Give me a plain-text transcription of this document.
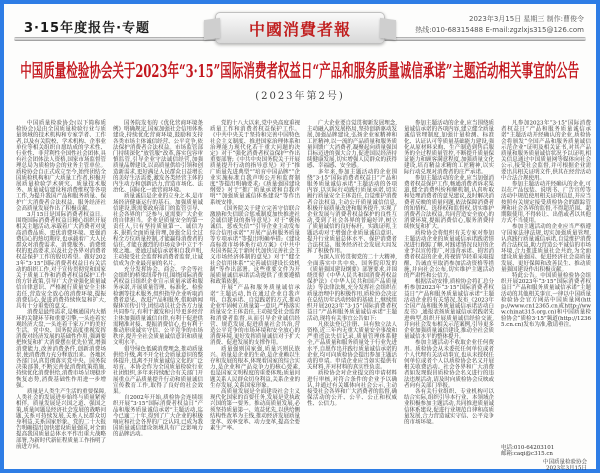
3·15年度报告·专题	中國消費者報
2023年3月15日 星期三 制作:曹俊令
热线:010-68315488 E-mail:zgzlxjs315@126.com
中国质量检验协会关于2023年“3·15”国际消费者权益日“产品和服务质量诚信承诺”主题活动相关事宜的公告
(2023年第2号)

中国质量检验协会(以下简称质检协会)是由全国质量检验行业与质量领域的技术机构和专家学者、工作者,以及有关院校、学术机构、企事业单位等相关组织自愿结成的学术性、行业性、非营利性全国性社会团体,具有社会团体法人资格,国家市场监督管理总局为质检协会的业务主管单位。质检协会自正式成立至今,始终团结全国质检机构和广大质量工作者,积极开展质量检验学术研究、质量技术服务、质量诚信建设和消费维权等各项工作,为提升我国产品和服务质量、保护广大消费者合法权益、服务经济社会高质量发展作出了积极贡献。

3月15日是国际消费者权益日。围绕国际消费者权益日精心组织开展相关主题活动,承载着广大消费者对更高消费品质、更优消费环境、更强消费信心的热切期待,也承载着广大人民群众对消费需求、消费服务、消费维权的更高要求,以及社会各界对消费者权益保护工作的殷切希望。做好2023年“3·15”国际消费者权益日有关活动的组织工作,对于宣传贯彻党和国家关于质量工作和消费者权益保护工作的方针政策,引导广大企业强化质量诚信自律意识、严格履行质量安全主体责任,营造安全放心的消费环境,提振消费信心,促进消费持续恢复和扩大,具有十分重要的意义。

消费是最终需求,是畅通国内大循环的关键环节和重要引擎,一头连着宏观经济大盘,一头连着千家万户的美好生活。党中央、国务院高度重视发挥消费对经济发展的基础性作用,强调要把恢复和扩大消费摆在优先位置,增强消费能力,改善消费条件,创新消费场景,使消费潜力充分释放出来。各地区各部门认真贯彻落实党中央、国务院决策部署,不断完善促消费政策措施,持续优化消费供给,消费市场呈现稳步恢复态势,消费基础性作用进一步增强。

质量是人类生产生活的重要保障,人类社会的发展进步始终与质量紧密相伴。质量发展是兴国之道、强国之策,质量问题是经济社会发展的战略问题,关系可持续发展,关系人民群众切身利益,关系国家形象。党的二十大报告明确提出加快建设质量强国,对全面提高我国质量总体水平作出重大战略部署,为新时代新征程质量工作指明了前进方向。

国务院发布的《优化营商环境条例》明确规定,国家加强社会信用体系建设,持续优化营商环境,鼓励和支持各类市场主体诚信经营、公平竞争,依法保护消费者合法权益。市场监管部门持续深化“放管服”改革,落实包容审慎监管,引导企业守法诚信经营,加强质量品牌建设,以高质量供给引领和创造新需求,更好满足人民群众日益增长的美好生活需要,激发各类经营主体的内生动力和创新活力,营造市场化、法治化、国际化一流营商环境。

质量诚信是企业的立身之本,是市场经济健康运行的基石。加强质量诚信建设,既需要政府部门的监管引导、社会各界的广泛参与,更需要广大企业的自律担当。企业是质量安全的第一责任人,只有坚持质量第一、诚信为本,狠抓全面质量管理,加强全员全过程全方位质量控制,才能赢得消费者的信任,才能在激烈的市场竞争中立于不败之地。要通过诚信承诺和自我声明,主动接受社会监督和消费者监督,让诚信成为企业最亮丽的名片。

充分发挥协会、商会、学会等社会组织的桥梁纽带作用,围绕国际消费者权益日组织企业宣示质量承诺和服务承诺,开展质量管理、标准化、检验检测等技术服务,组织指导企业听取消费者意见、改进产品和服务,借助新闻媒体宣传引导,团结动员社会各方力量共同参与,有利于激发和引导更多经营主体加强质量诚信自律,有利于促进供需精准对接、提振消费信心,也有利于推动形成诚实守信、公平竞争的市场秩序,提升全社会质量诚信意识和质量文明水平。

倡导绿色低碳消费理念,推动质量供给升级,离不开全社会质量意识的整体提升,也离不开质量诚信文化的广泛培育。本协会作为全国质量检验行业社团组织,多年来持续配合有关部门开展重点产品质量提升行动和质量诚信宣传教育工作,取得了良好的社会效果。

自2002年开始,质检协会连续组织开展“3·15”国际消费者权益日“产品和服务质量诚信承诺”主题活动,迄今已逾二十年,得到了广大企业的积极响应和社会各界的广泛认同,已成为我国质量诚信建设领域具有广泛影响力的品牌活动。

党的十八大以来,党中央高度重视质量工作和消费者权益保护工作。《中共中央关于坚持和完善中国特色社会主义制度、推进国家治理体系和治理能力现代化若干重大问题的决定》对于“强化消费者权益保护”作出重要部署;《中共中央国务院关于开展质量提升行动的指导意见》对于“推广质量先进典型”“培育中国品牌”“企业实施标准自我声明公开和监督制度”等提出明确要求;《质量强国建设纲要》对于“推广质量承诺和自我声明”“加强质量诚信体系建设”等作出系统安排。

《国务院关于建立完善守信联合激励和失信联合惩戒制度加快推进社会诚信建设的指导意见》对于“褒扬诚信、惩戒失信”“引导企业主动发布综合信用承诺”“开展产品和服务质量等专项承诺”等提出明确举措;《建设高标准市场体系行动方案》《中共中央国务院关于新时代加快完善社会主义市场经济体制的意见》对于“健全社会信用体系”“完善诚信建设长效机制”等作出部署。这些重要文件为开展质量诚信承诺活动提供了重要遵循和政策依据。

开展“产品和服务质量诚信承诺”主题活动,旨在通过企业自我声明、自我承诺、自觉践诺的方式,推动企业牢固树立质量第一意识,严格落实质量安全主体责任,主动接受社会监督和消费者监督,从而引导企业诚信经营、规范发展,促进质量社会共治,营造公平竞争的市场环境和安全放心的消费环境,更好发挥质量诚信对于扩大消费、促进发展的支撑作用。

质量强则国家强,质量兴则民族兴。质量是企业的生命,是企业赖以生存和发展的根本,体现着国家的综合实力,是企业和产品竞争力的核心要素,也是国家文明程度的重要体现;质量问题关系人民群众切身利益,关系企业的生存发展,关系国家形象。

高质量发展是全面建设社会主义现代化国家的首要任务,发展是党执政兴国的第一要务。推动高质量发展,必须坚持质量第一、效益优先,以供给侧结构性改革为主线,推动经济发展质量变革、效率变革、动力变革,提高全要素生产率。

广大企业要自觉贯彻新发展理念,主动融入新发展格局,坚持创新驱动发展,加强品牌建设,弘扬企业家精神和工匠精神,以一流的产品质量和服务质量回馈广大消费者,凝聚起向质量强国目标迈进的强大合力,促进国民经济持续健康发展,切实增强人民群众的获得感、幸福感、安全感。

多年来,参加主题活动的企业围绕“3·15”国际消费者权益日“产品和服务质量诚信承诺”主题活动的各项内容,以实际行动践行质量承诺,切实履行质量安全主体责任,自觉维护消费者合法权益,主动公开质量诚信信息,积极开展质量改进和服务提升,实现了企业发展与消费者权益保护的良性互动,受到了社会各界的普遍好评,树立了质量诚信的良好标杆。实践证明,主题活动对于增强企业质量诚信意识、提升行业质量总体水平、保护消费者合法权益、服务经济社会发展大局发挥了积极作用。

为深入宣传贯彻党的二十大精神,全面落实中共中央、国务院印发的《质量强国建设纲要》部署要求,并围绕贯彻《中华人民共和国消费者权益保护法》《中华人民共和国产品质量法》等法律法规,充分发挥社会组织在质量治理中的积极作用,质检协会决定在总结历年活动经验的基础上,继续组织开展2023年“3·15”国际消费者权益日“产品和服务质量诚信承诺”主题活动,现将有关事宜公告如下:

凡依法登记注册、具有独立法人资格,近三年内无重大质量安全事故和严重违法失信记录,质量管理体系健全,产品质量和服务质量处于行业先进水平,自愿作出并践行质量诚信承诺的企业,均可向质检协会提出参加主题活动的申请。申请企业应当如实提供有关材料,并对材料的真实性负责。

质检协会对企业提交的申请材料进行审核,对符合条件的企业予以确认,并通过有关媒体向社会公示,主动接受社会各界和广大消费者的监督,确保活动的公开、公平、公正和权威性、公信力。

参加主题活动的企业,应当围绕质量诚信承诺的各项内容,建立健全质量诚信管理制度,加强计量检测、标准化、认证认可等质量基础能力建设,强化从原材料采购、生产制造到售后服务的全过程质量管控,不断提升质量保证能力和顾客满意程度,加强质量文化建设,培育精益求精的工匠精神,以实际行动兑现对消费者的庄严承诺。

参加主题活动的企业,应当加强消费者权益保护工作,畅通消费者诉求渠道,健全消费纠纷和解机制,认真听取和处理消费者的意见建议,及时解决消费者反映的质量问题,依法保障消费者的知情权、选择权和监督权,切实维护消费者合法权益,共同营造安全放心的消费环境,提振消费信心,服务消费持续恢复和扩大。

质检协会将组织有关专家对参加主题活动企业的质量诚信承诺践诺情况进行跟踪了解,对践诺情况良好的企业予以宣传推广,对违背承诺、损害消费者权益的企业,将视情节轻重采取提醒、告诫直至取消参加活动资格等措施,并向社会公布,切实维护主题活动的严肃性和公信力。

根据活动安排,质检协会将汇总分析参加2023年“3·15”国际消费者权益日“产品和服务质量诚信承诺”主题活动企业的有关情况,发布《2023年全国产品和服务质量诚信承诺活动白皮书》,通报表扬质量诚信承诺践诺先进典型,组织开展质量诚信经验交流,并向社会发布相关示范案例,引导更多企业加强质量诚信建设,推动全社会质量诚信水平的整体提升。

参加主题活动不收取企业任何费用。质检协会从未委托任何单位或者个人代理有关活动事宜,也从未授权任何单位或者个人以质检协会名义开展相关收费活动。社会各界和广大消费者如发现假冒质检协会名义进行的违法违规活动,请及时向质检协会反映或者向有关部门举报。

各有关行业组织、专业机构可以结合实际,组织引导本行业、本领域企业积极参加主题活动,共同推进质量诚信体系建设,促进行业规范自律和高质量发展,合力营造诚实守信、公平竞争的市场环境。

凡参加2023年“3·15”国际消费者权益日“产品和服务质量诚信承诺”主题活动并经确认的企业,质检协会将颁发“全国产品和服务质量诚信示范企业”证明及相关证书,对其产品质量和服务质量诚信状况予以证明,相关信息通过中国质量网等媒体向社会公示,接受社会监督,并可根据企业需要出具相关证明文件,供其在经营活动中合法合规使用。

参加主题活动并经确认的企业,可以在产品包装、说明书、广告宣传等活动中规范使用相关证明信息,并应当按照有关规定接受质检协会的跟踪管理和社会各界的监督,不得超范围、超期限使用,不得转让、出借或者以其他方式不当使用。

参加主题活动的企业应当严格遵守国家法律法规,切实加强质量管理,认真践行质量诚信承诺,自觉维护消费者合法权益,助力营造公平诚信的市场环境,合力推进质量社会共治,为全面建设质量强国、促进经济社会高质量发展、更好保障和改善民生、推动质量强国建设作出积极贡献。

特此公告。中国质量检验协会组织开展2023年“3·15”国际消费者权益日“产品和服务质量诚信承诺”主题活动的其他相关事宜,一律以中国质量检验协会官方网站中国质量网(http://www.cn12365.cn或http://www.chinat315.org.cn)和中国质量检验协会“质检3·15”频道(http://12365.cn.cn)发布为准,敬请垂注。

电话:010-64203101

邮箱:caqi@c315.cn

中国质量检验协会

2023年3月15日
